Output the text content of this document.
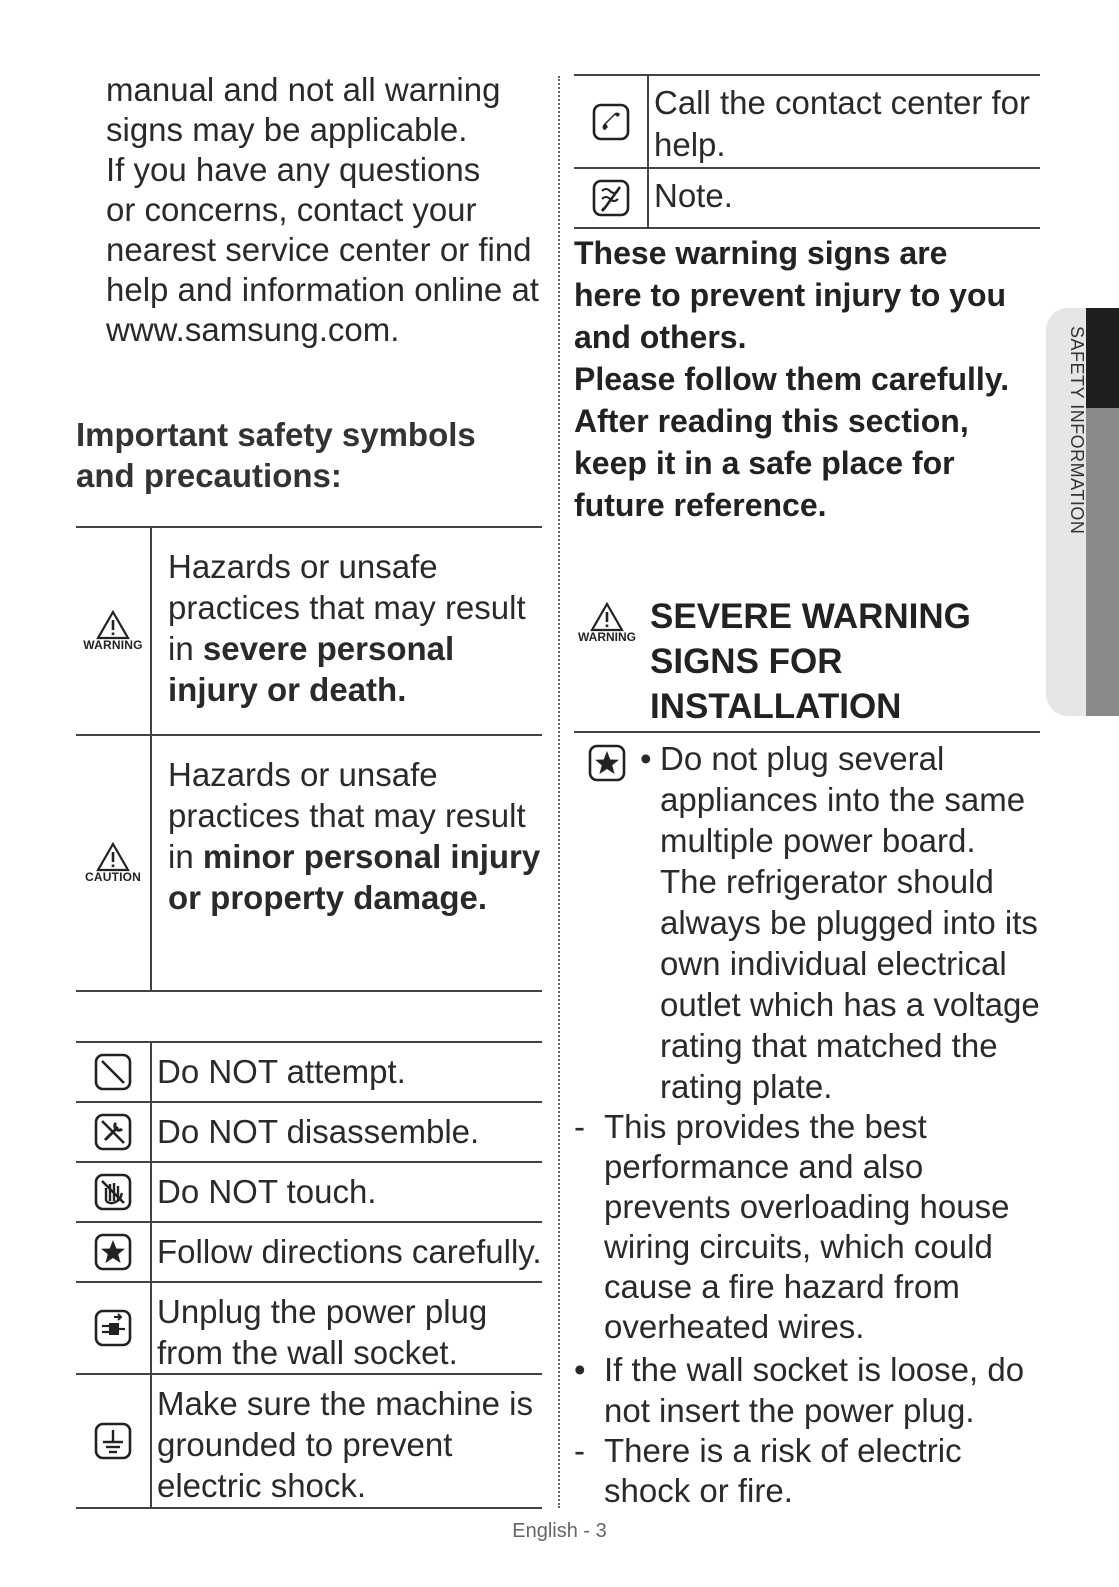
manual and not all warning

signs may be applicable.

If you have any questions

or concerns, contact your

nearest service center or find

help and information online at

www.samsung.com.

Important safety symbols
and precautions:
WARNING
Hazards or unsafe practices that may result in severe personal injury or death.
CAUTION
Hazards or unsafe practices that may result in minor personal injury or property damage.
Do NOT attempt.
Do NOT disassemble.
Do NOT touch.
Follow directions carefully.
Unplug the power plug from the wall socket.
Make sure the machine is grounded to prevent electric shock.
Call the contact center for help.
Note.

These warning signs are

here to prevent injury to you

and others.

Please follow them carefully.

After reading this section,

keep it in a safe place for

future reference.

WARNING
SEVERE WARNING
SIGNS FOR
INSTALLATION
• Do not plug several appliances into the same multiple power board. The refrigerator should always be plugged into its own individual electrical outlet which has a voltage rating that matched the rating plate.
- This provides the best performance and also prevents overloading house wiring circuits, which could cause a fire hazard from overheated wires.
• If the wall socket is loose, do not insert the power plug.
- There is a risk of electric shock or fire.
SAFETY INFORMATION
English - 3
